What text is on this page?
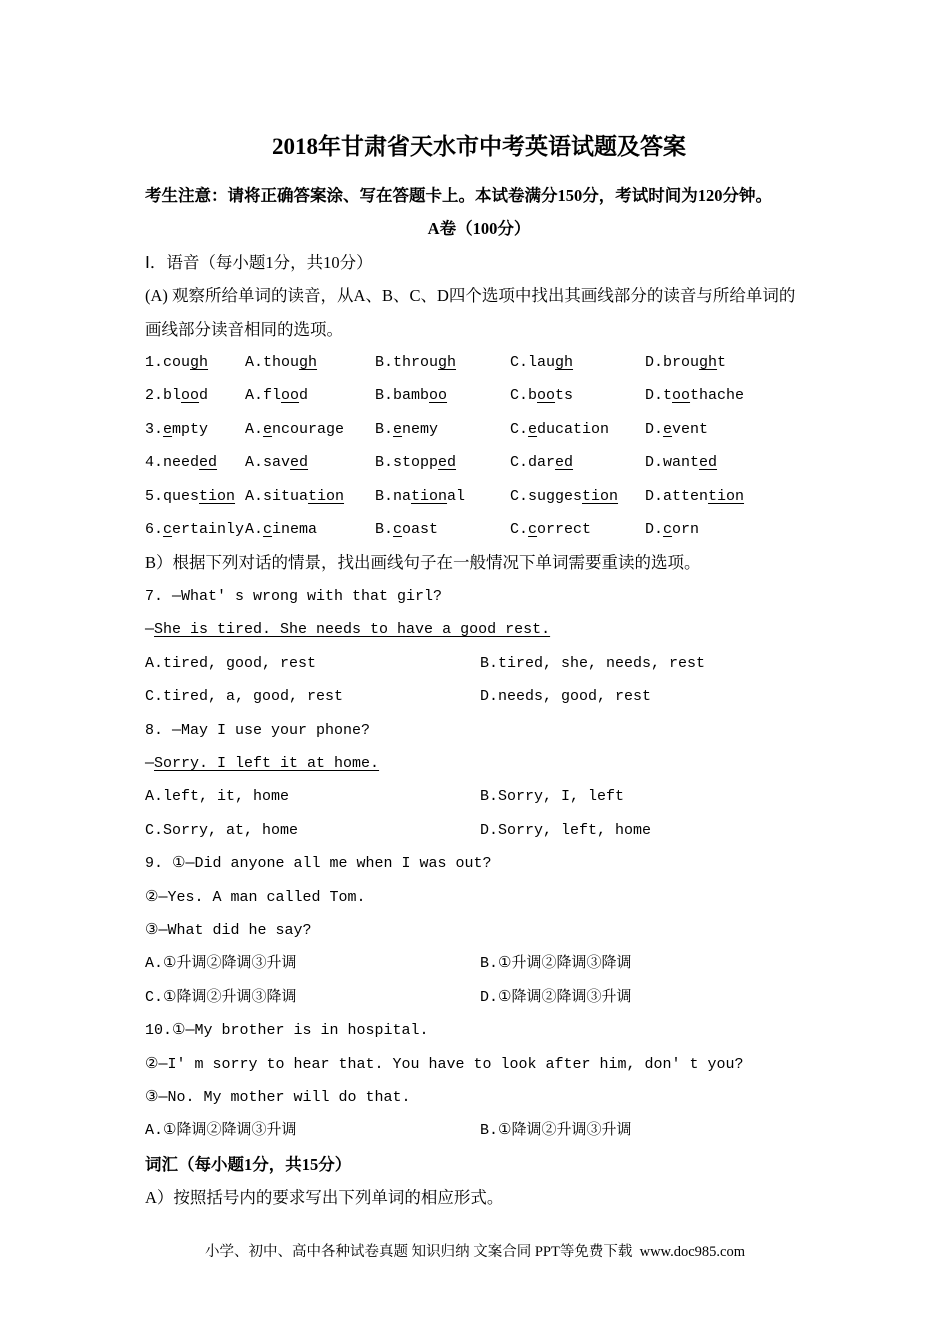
2018年甘肃省天水市中考英语试题及答案

考生注意：请将正确答案涂、写在答题卡上。本试卷满分150分，考试时间为120分钟。

A卷（100分）

Ⅰ．语音（每小题1分，共10分）

(A) 观察所给单词的读音，从A、B、C、D四个选项中找出其画线部分的读音与所给单词的

画线部分读音相同的选项。

1.cough	A.though	B.through	C.laugh	D.brought
2.blood	A.flood	B.bamboo	C.boots	D.toothache
3.empty	A.encourage	B.enemy	C.education	D.event
4.needed	A.saved	B.stopped	C.dared	D.wanted
5.question A.situation	B.national	C.suggestion	D.attention
6.certainly A.cinema	B.coast	C.correct	D.corn

B）根据下列对话的情景，找出画线句子在一般情况下单词需要重读的选项。

7. —What' s wrong with that girl?

—She is tired. She needs to have a good rest.

A.tired, good, rest	B.tired, she, needs, rest
C.tired, a, good, rest	D.needs, good, rest

8. —May I use your phone?

—Sorry. I left it at home.

A.left, it, home	B.Sorry, I, left
C.Sorry, at, home	D.Sorry, left, home

9. ①—Did anyone all me when I was out?

②—Yes. A man called Tom.

③—What did he say?

A.①升调②降调③升调	B.①升调②降调③降调
C.①降调②升调③降调	D.①降调②降调③升调

10.①—My brother is in hospital.

②—I' m sorry to hear that. You have to look after him, don' t you?

③—No. My mother will do that.

A.①降调②降调③升调	B.①降调②升调③升调

词汇（每小题1分，共15分）

A）按照括号内的要求写出下列单词的相应形式。

小学、初中、高中各种试卷真题 知识归纳 文案合同 PPT等免费下载  www.doc985.com
